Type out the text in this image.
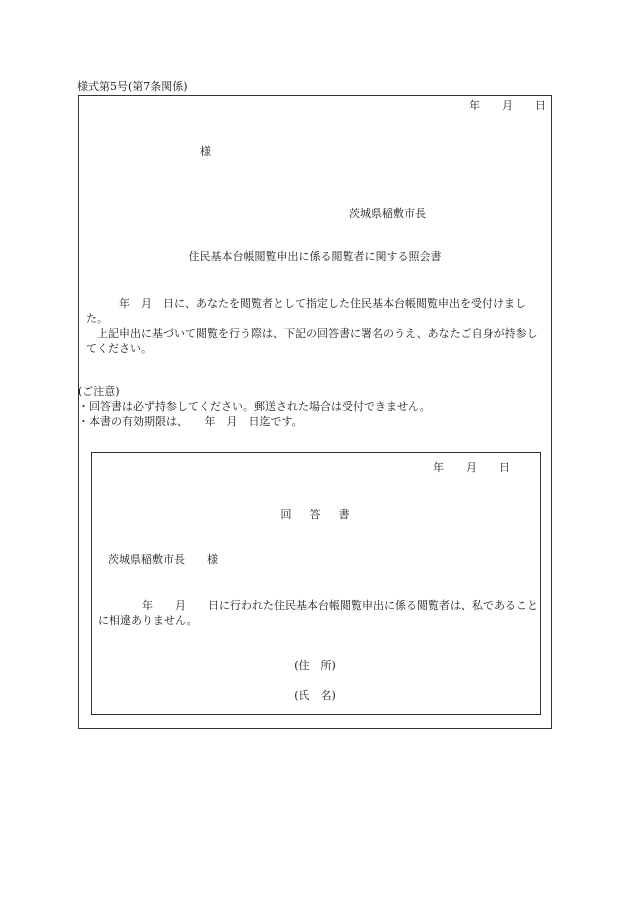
様式第5号(第7条関係)
年　　月　　日
様
茨城県稲敷市長
住民基本台帳閲覧申出に係る閲覧者に関する照会書
　　　年　月　日に、あなたを閲覧者として指定した住民基本台帳閲覧申出を受付けました。
　上記申出に基づいて閲覧を行う際は、下記の回答書に署名のうえ、あなたご自身が持参してください。
(ご注意)
・回答書は必ず持参してください。郵送された場合は受付できません。
・本書の有効期限は、　　年　月　日迄です。
年　　月　　日
回答書
茨城県稲敷市長　　様
　　　　年　　月　　日に行われた住民基本台帳閲覧申出に係る閲覧者は、私であることに相違ありません。
(住　所)
(氏　名)
